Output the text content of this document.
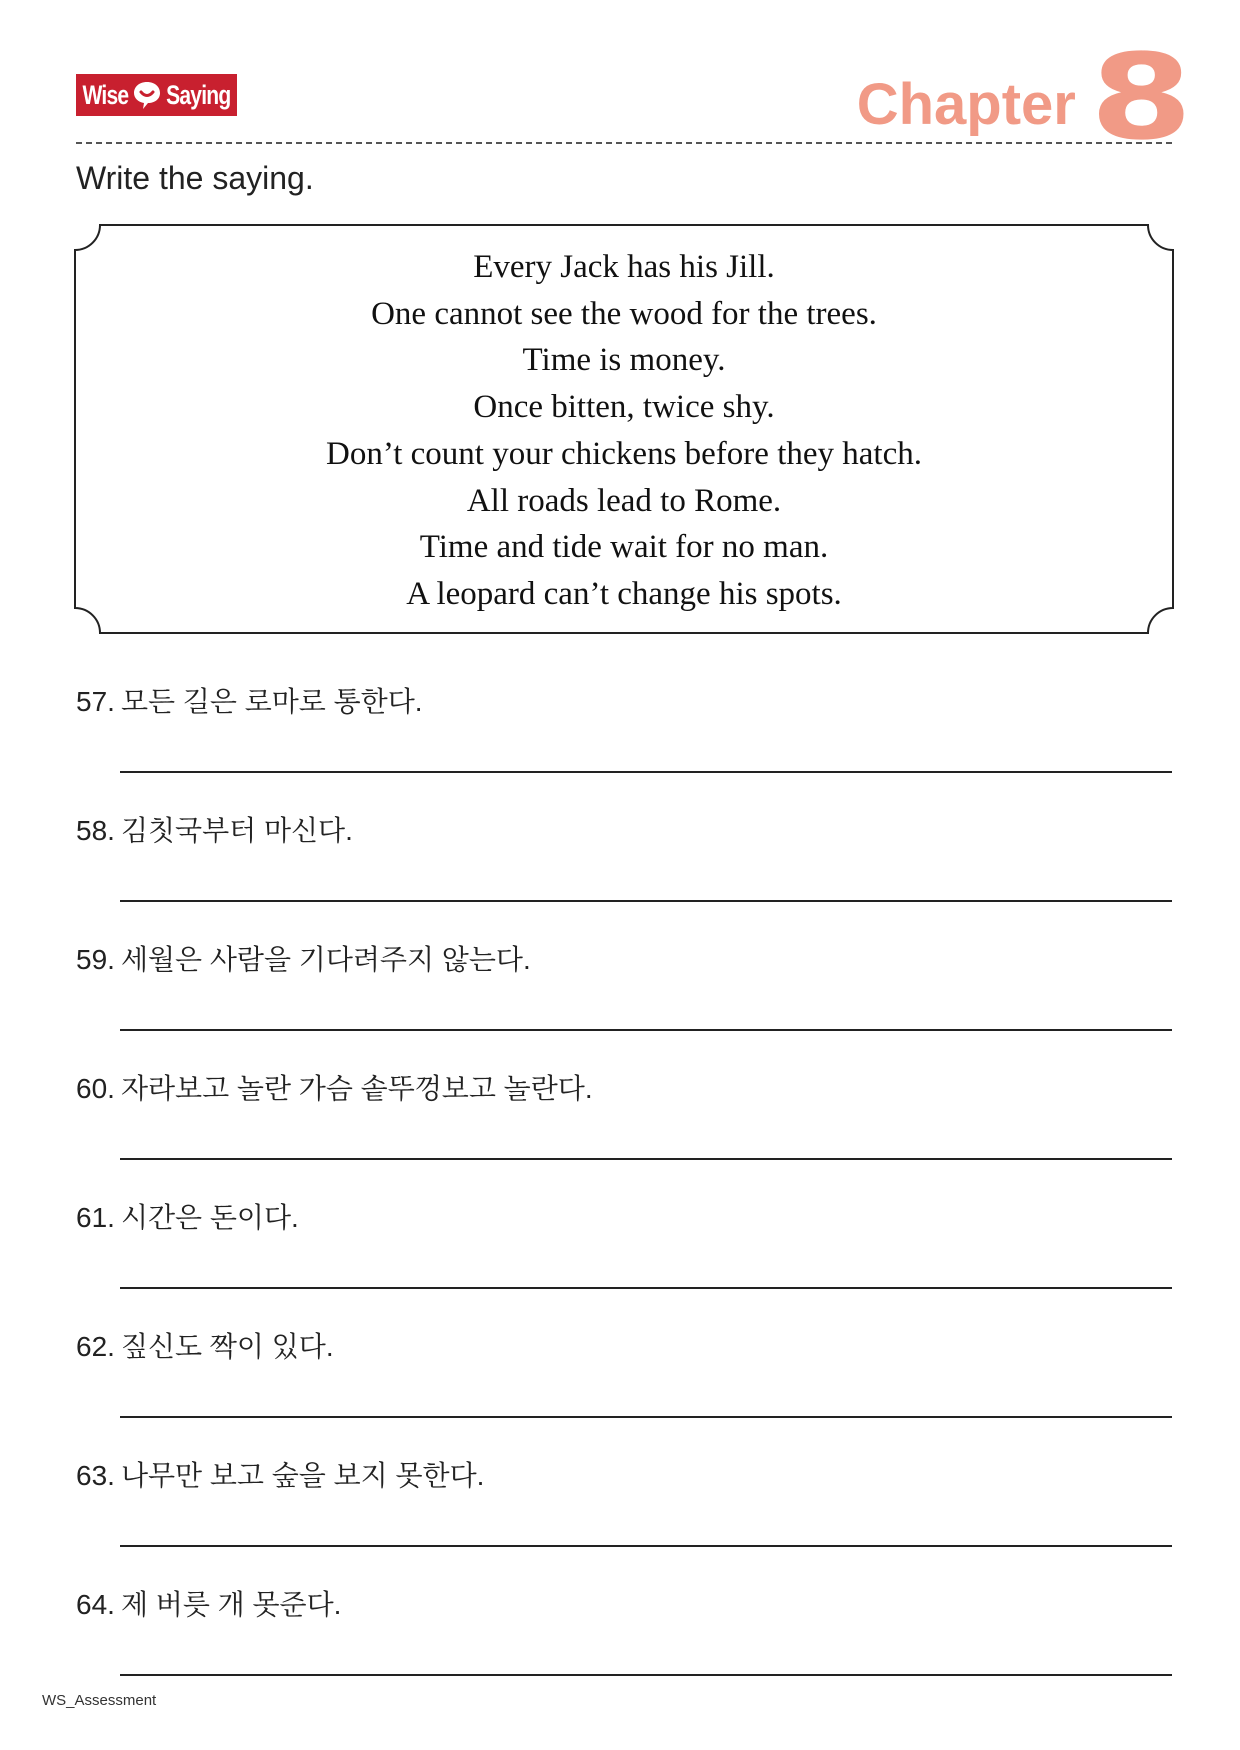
Wise Saying	Chapter 8
Write the saying.
Every Jack has his Jill.
One cannot see the wood for the trees.
Time is money.
Once bitten, twice shy.
Don’t count your chickens before they hatch.
All roads lead to Rome.
Time and tide wait for no man.
A leopard can’t change his spots.
57. 모든 길은 로마로 통한다.
58. 김칫국부터 마신다.
59. 세월은 사람을 기다려주지 않는다.
60. 자라보고 놀란 가슴 솥뚜껑보고 놀란다.
61. 시간은 돈이다.
62. 짚신도 짝이 있다.
63. 나무만 보고 숲을 보지 못한다.
64. 제 버릇 개 못준다.
WS_Assessment
